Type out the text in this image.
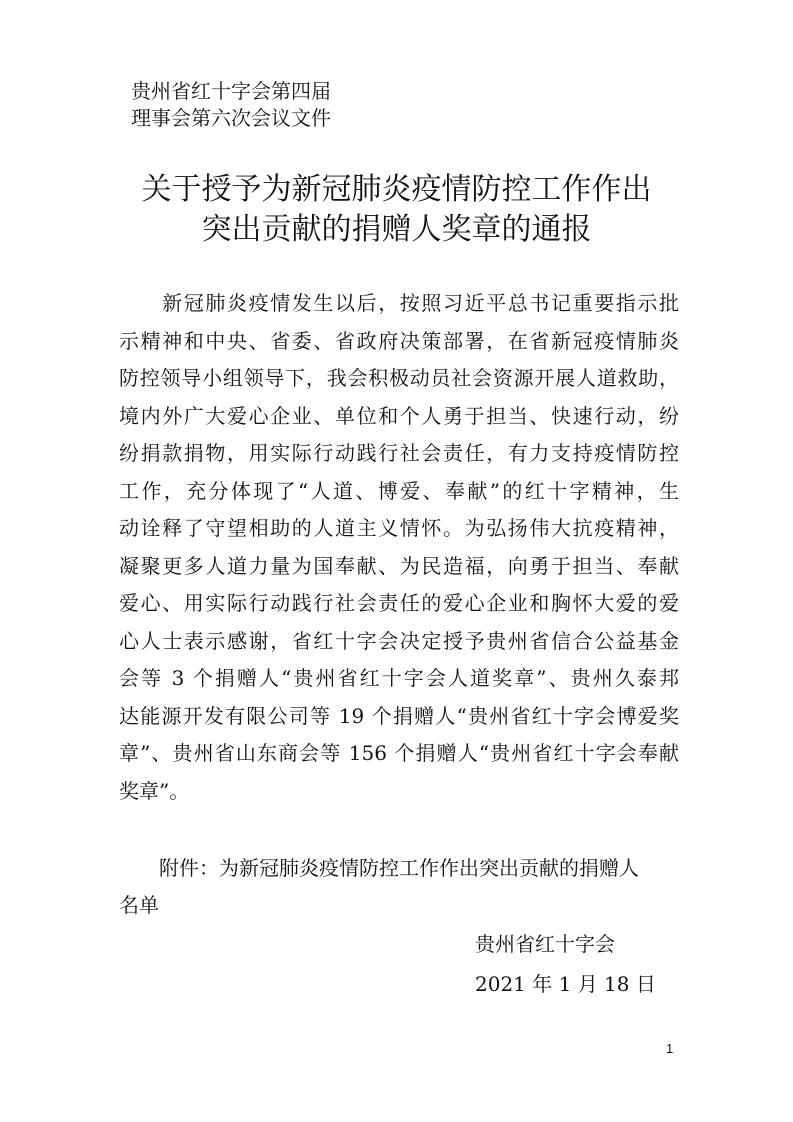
贵州省红十字会第四届
理事会第六次会议文件
关于授予为新冠肺炎疫情防控工作作出
突出贡献的捐赠人奖章的通报
　　新冠肺炎疫情发生以后，按照习近平总书记重要指示批
示精神和中央、省委、省政府决策部署，在省新冠疫情肺炎
防控领导小组领导下，我会积极动员社会资源开展人道救助，
境内外广大爱心企业、单位和个人勇于担当、快速行动，纷
纷捐款捐物，用实际行动践行社会责任，有力支持疫情防控
工作，充分体现了“人道、博爱、奉献”的红十字精神，生
动诠释了守望相助的人道主义情怀。为弘扬伟大抗疫精神，
凝聚更多人道力量为国奉献、为民造福，向勇于担当、奉献
爱心、用实际行动践行社会责任的爱心企业和胸怀大爱的爱
心人士表示感谢，省红十字会决定授予贵州省信合公益基金
会等 3 个捐赠人“贵州省红十字会人道奖章”、贵州久泰邦
达能源开发有限公司等 19 个捐赠人“贵州省红十字会博爱奖
章”、贵州省山东商会等 156 个捐赠人“贵州省红十字会奉献
奖章”。
　　附件：为新冠肺炎疫情防控工作作出突出贡献的捐赠人
名单
贵州省红十字会
2021 年 1 月 18 日
1
